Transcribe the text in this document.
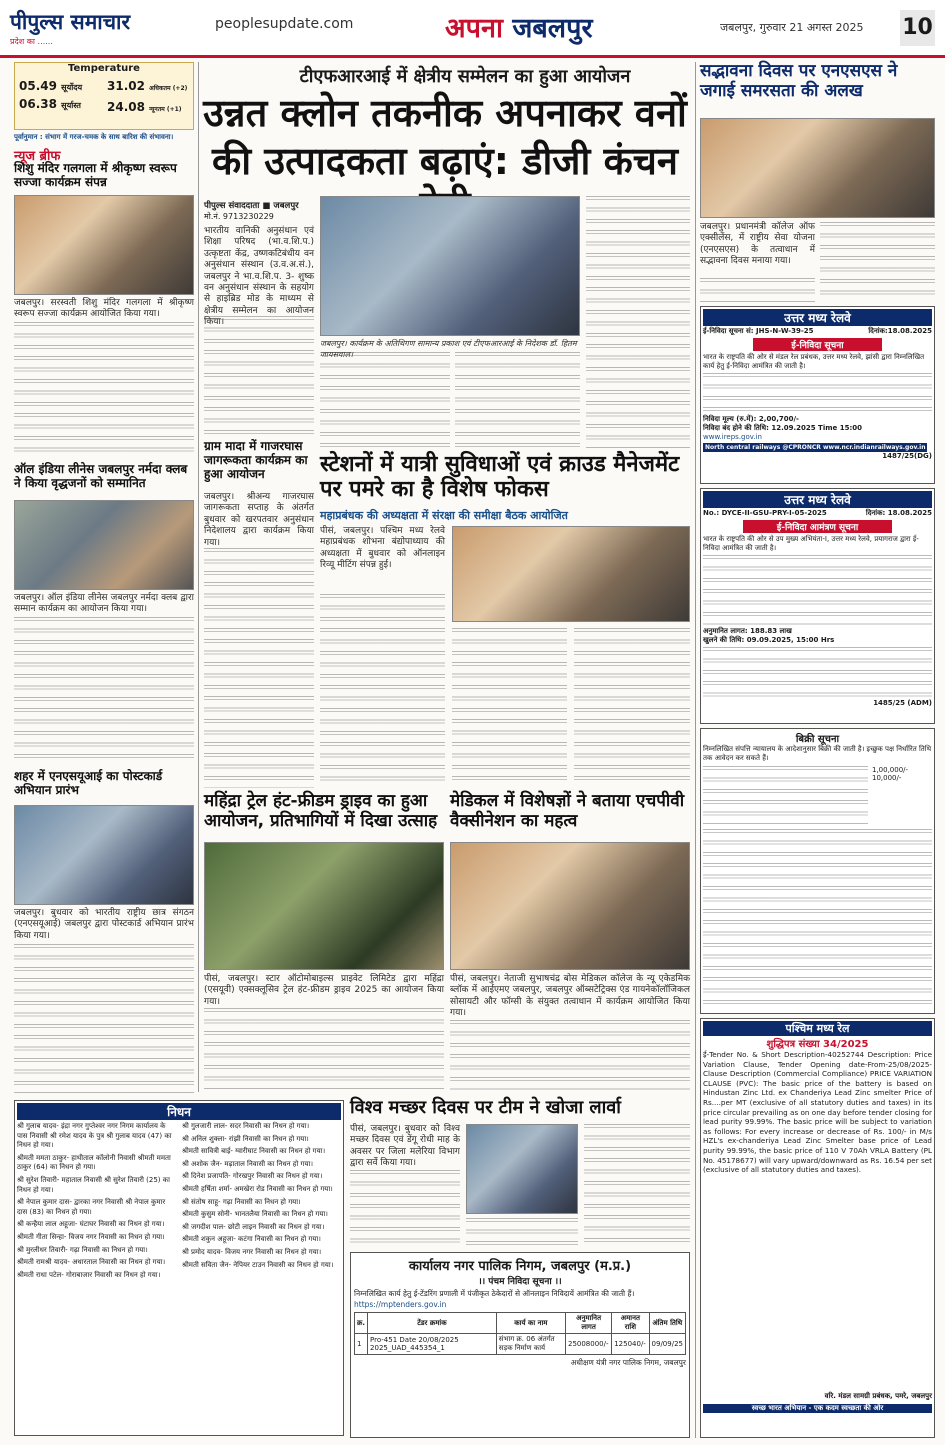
पीपुल्स समाचार
प्रदेश का ......
peoplesupdate.com	अपना जबलपुर	जबलपुर, गुरुवार 21 अगस्त 2025 10
Temperature
05.49 सूर्योदय
06.38 सूर्यास्त
31.02 अधिकतम (+2)
24.08 न्यूनतम (+1)
पूर्वानुमान : संभाग में गरज-चमक के साथ बारिश की संभावना।
न्यूज ब्रीफ
शिशु मंदिर गलगला में श्रीकृष्ण स्वरूप सज्जा कार्यक्रम संपन्न
जबलपुर। सरस्वती शिशु मंदिर गलगला में श्रीकृष्ण स्वरूप सज्जा कार्यक्रम आयोजित किया गया।
ऑल इंडिया लीनेस जबलपुर नर्मदा क्लब ने किया वृद्धजनों को सम्मानित
जबलपुर। ऑल इंडिया लीनेस जबलपुर नर्मदा क्लब द्वारा सम्मान कार्यक्रम का आयोजन किया गया।
शहर में एनएसयूआई का पोस्टकार्ड अभियान प्रारंभ
जबलपुर। बुधवार को भारतीय राष्ट्रीय छात्र संगठन (एनएसयूआई) जबलपुर द्वारा पोस्टकार्ड अभियान प्रारंभ किया गया।
टीएफआरआई में क्षेत्रीय सम्मेलन का हुआ आयोजन
उन्नत क्लोन तकनीक अपनाकर वनों
की उत्पादकता बढ़ाएं: डीजी कंचन
पीपुल्स संवाददाता ■ जबलपुर
मो.नं. 9713230229
भारतीय वानिकी अनुसंधान एवं शिक्षा परिषद (भा.व.शि.प.) उत्कृष्टता केंद्र, उष्णकटिबंधीय वन अनुसंधान संस्थान (उ.व.अ.सं.), जबलपुर ने भा.व.शि.प. 3- शुष्क वन अनुसंधान संस्थान के सहयोग से हाइब्रिड मोड के माध्यम से क्षेत्रीय सम्मेलन का आयोजन किया।
जबलपुर। कार्यक्रम के अतिथिगण सामान्य प्रकाश एवं टीएफआरआई के निदेशक डॉ. हितम जायसवाल।
ग्राम मादा में गाजरघास जागरूकता कार्यक्रम का हुआ आयोजन
जबलपुर। श्रीअन्य गाजरघास जागरूकता सप्ताह के अंतर्गत बुधवार को खरपतवार अनुसंधान निदेशालय द्वारा कार्यक्रम किया गया।
स्टेशनों में यात्री सुविधाओं एवं क्राउड मैनेजमेंट पर पमरे का है विशेष फोकस
महाप्रबंधक की अध्यक्षता में संरक्षा की समीक्षा बैठक आयोजित
पीसं, जबलपुर। पश्चिम मध्य रेलवे महाप्रबंधक शोभना बंद्योपाध्याय की अध्यक्षता में बुधवार को ऑनलाइन रिव्यू मीटिंग संपन्न हुई।
महिंद्रा ट्रेल हंट-फ्रीडम ड्राइव का हुआ आयोजन, प्रतिभागियों में दिखा उत्साह
पीसं, जबलपुर। स्टार ऑटोमोबाइल्स प्राइवेट लिमिटेड द्वारा महिंद्रा (एसयूवी) एक्सक्लूसिव ट्रेल हंट-फ्रीडम ड्राइव 2025 का आयोजन किया गया।
मेडिकल में विशेषज्ञों ने बताया एचपीवी वैक्सीनेशन का महत्व
पीसं, जबलपुर। नेताजी सुभाषचंद्र बोस मेडिकल कॉलेज के न्यू एकेडमिक ब्लॉक में आईएमए जबलपुर, जबलपुर ऑब्सटेट्रिक्स एंड गायनेकॉलॉजिकल सोसायटी और फॉग्सी के संयुक्त तत्वाधान में कार्यक्रम आयोजित किया गया।
निधन

श्री गुलाब यादव- इंद्रा नगर गुप्तेश्वर नगर निगम कार्यालय के पास निवासी श्री रमेश यादव के पुत्र श्री गुलाब यादव (47) का निधन हो गया।

श्रीमती ममता ठाकुर- हाथीताल कॉलोनी निवासी श्रीमती ममता ठाकुर (64) का निधन हो गया।

श्री सुरेश तिवारी- महाताल निवासी श्री सुरेश तिवारी (25) का निधन हो गया।

श्री नेपाल कुमार दास- द्वारका नगर निवासी श्री नेपाल कुमार दास (83) का निधन हो गया।

श्री कन्हैया लाल अहूजा- घंटाघर निवासी का निधन हो गया।

श्रीमती गीता सिन्हा- विजय नगर निवासी का निधन हो गया।

श्री मुरलीधर तिवारी- गढ़ा निवासी का निधन हो गया।

श्रीमती रामश्री यादव- अधारताल निवासी का निधन हो गया।

श्रीमती राधा पटेल- गोराबाजार निवासी का निधन हो गया।

श्री गुलजारी लाल- सदर निवासी का निधन हो गया।

श्री अनिल शुक्ला- रांझी निवासी का निधन हो गया।

श्रीमती सावित्री बाई- ग्वारीघाट निवासी का निधन हो गया।

श्री अशोक जैन- मढ़ाताल निवासी का निधन हो गया।

श्री दिनेश प्रजापति- गोरखपुर निवासी का निधन हो गया।

श्रीमती हर्षिता शर्मा- अमखेरा रोड निवासी का निधन हो गया।

श्री संतोष साहू- गढ़ा निवासी का निधन हो गया।

श्रीमती कुसुम सोनी- भानतलैया निवासी का निधन हो गया।

श्री जगदीश पाल- छोटी लाइन निवासी का निधन हो गया।

श्रीमती शकुन अहूजा- कटंगा निवासी का निधन हो गया।

श्री प्रमोद यादव- विजय नगर निवासी का निधन हो गया।

श्रीमती सविता जैन- नेपियर टाउन निवासी का निधन हो गया।

विश्व मच्छर दिवस पर टीम ने खोजा लार्वा
पीसं, जबलपुर। बुधवार को विश्व मच्छर दिवस एवं डेंगू रोधी माह के अवसर पर जिला मलेरिया विभाग द्वारा सर्वे किया गया।
कार्यालय नगर पालिक निगम, जबलपुर (म.प्र.)
।। पंचम निविदा सूचना ।।
निम्नलिखित कार्य हेतु ई-टेंडरिंग प्रणाली में पंजीकृत ठेकेदारों से ऑनलाइन निविदायें आमंत्रित की जाती हैं।
https://mptenders.gov.in
क्र.	टेंडर क्रमांक	कार्य का नाम	अनुमानित लागत	अमानत राशि	अंतिम तिथि
1	Pro-451 Date 20/08/2025 2025_UAD_445354_1	संभाग क्र. 06 अंतर्गत सड़क निर्माण कार्य	25008000/-	125040/-	09/09/25
अधीक्षण यंत्री नगर पालिक निगम, जबलपुर
सद्भावना दिवस पर एनएसएस ने जगाई समरसता की अलख
जबलपुर। प्रधानमंत्री कॉलेज ऑफ एक्सीलेंस, में राष्ट्रीय सेवा योजना (एनएसएस) के तत्वाधान में सद्भावना दिवस मनाया गया।
उत्तर मध्य रेलवे
ई-निविदा सूचना सं: JHS-N-W-39-25	दिनांक:18.08.2025
ई-निविदा सूचना
भारत के राष्ट्रपति की ओर से मंडल रेल प्रबंधक, उत्तर मध्य रेलवे, झांसी द्वारा निम्नलिखित कार्य हेतु ई-निविदा आमंत्रित की जाती है।
निविदा मूल्य (रु.में): 2,00,700/-
निविदा बंद होने की तिथि: 12.09.2025 Time 15:00
www.ireps.gov.in
North central railways @CPRONCR www.ncr.indianrailways.gov.in
1487/25(DG)
उत्तर मध्य रेलवे
No.: DYCE-II-GSU-PRY-I-05-2025	दिनांक: 18.08.2025
ई-निविदा आमंत्रण सूचना
भारत के राष्ट्रपति की ओर से उप मुख्य अभियंता-I, उत्तर मध्य रेलवे, प्रयागराज द्वारा ई-निविदा आमंत्रित की जाती है।
अनुमानित लागत: 188.83 लाख
खुलने की तिथि: 09.09.2025, 15:00 Hrs
1485/25 (ADM)
बिक्री सूचना
निम्नलिखित संपत्ति न्यायालय के आदेशानुसार बिक्री की जाती है। इच्छुक पक्ष निर्धारित तिथि तक आवेदन कर सकते हैं।
1,00,000/-
10,000/-
पश्चिम मध्य रेल
शुद्धिपत्र संख्या 34/2025
ई-Tender No. & Short Description-40252744 Description: Price Variation Clause, Tender Opening date-From-25/08/2025- Clause Description (Commercial Compliance) PRICE VARIATION CLAUSE (PVC): The basic price of the battery is based on Hindustan Zinc Ltd. ex Chanderiya Lead Zinc smelter Price of Rs....per MT (exclusive of all statutory duties and taxes) in its price circular prevailing as on one day before tender closing for lead purity 99.99%. The basic price will be subject to variation as follows: For every increase or decrease of Rs. 100/- in M/s HZL's ex-chanderiya Lead Zinc Smelter base price of Lead purity 99.99%, the basic price of 110 V 70Ah VRLA Battery (PL No. 45178677) will vary upward/downward as Rs. 16.54 per set (exclusive of all statutory duties and taxes).
वरि. मंडल सामग्री प्रबंधक, पमरे, जबलपुर
स्वच्छ भारत अभियान - एक कदम स्वच्छता की ओर
